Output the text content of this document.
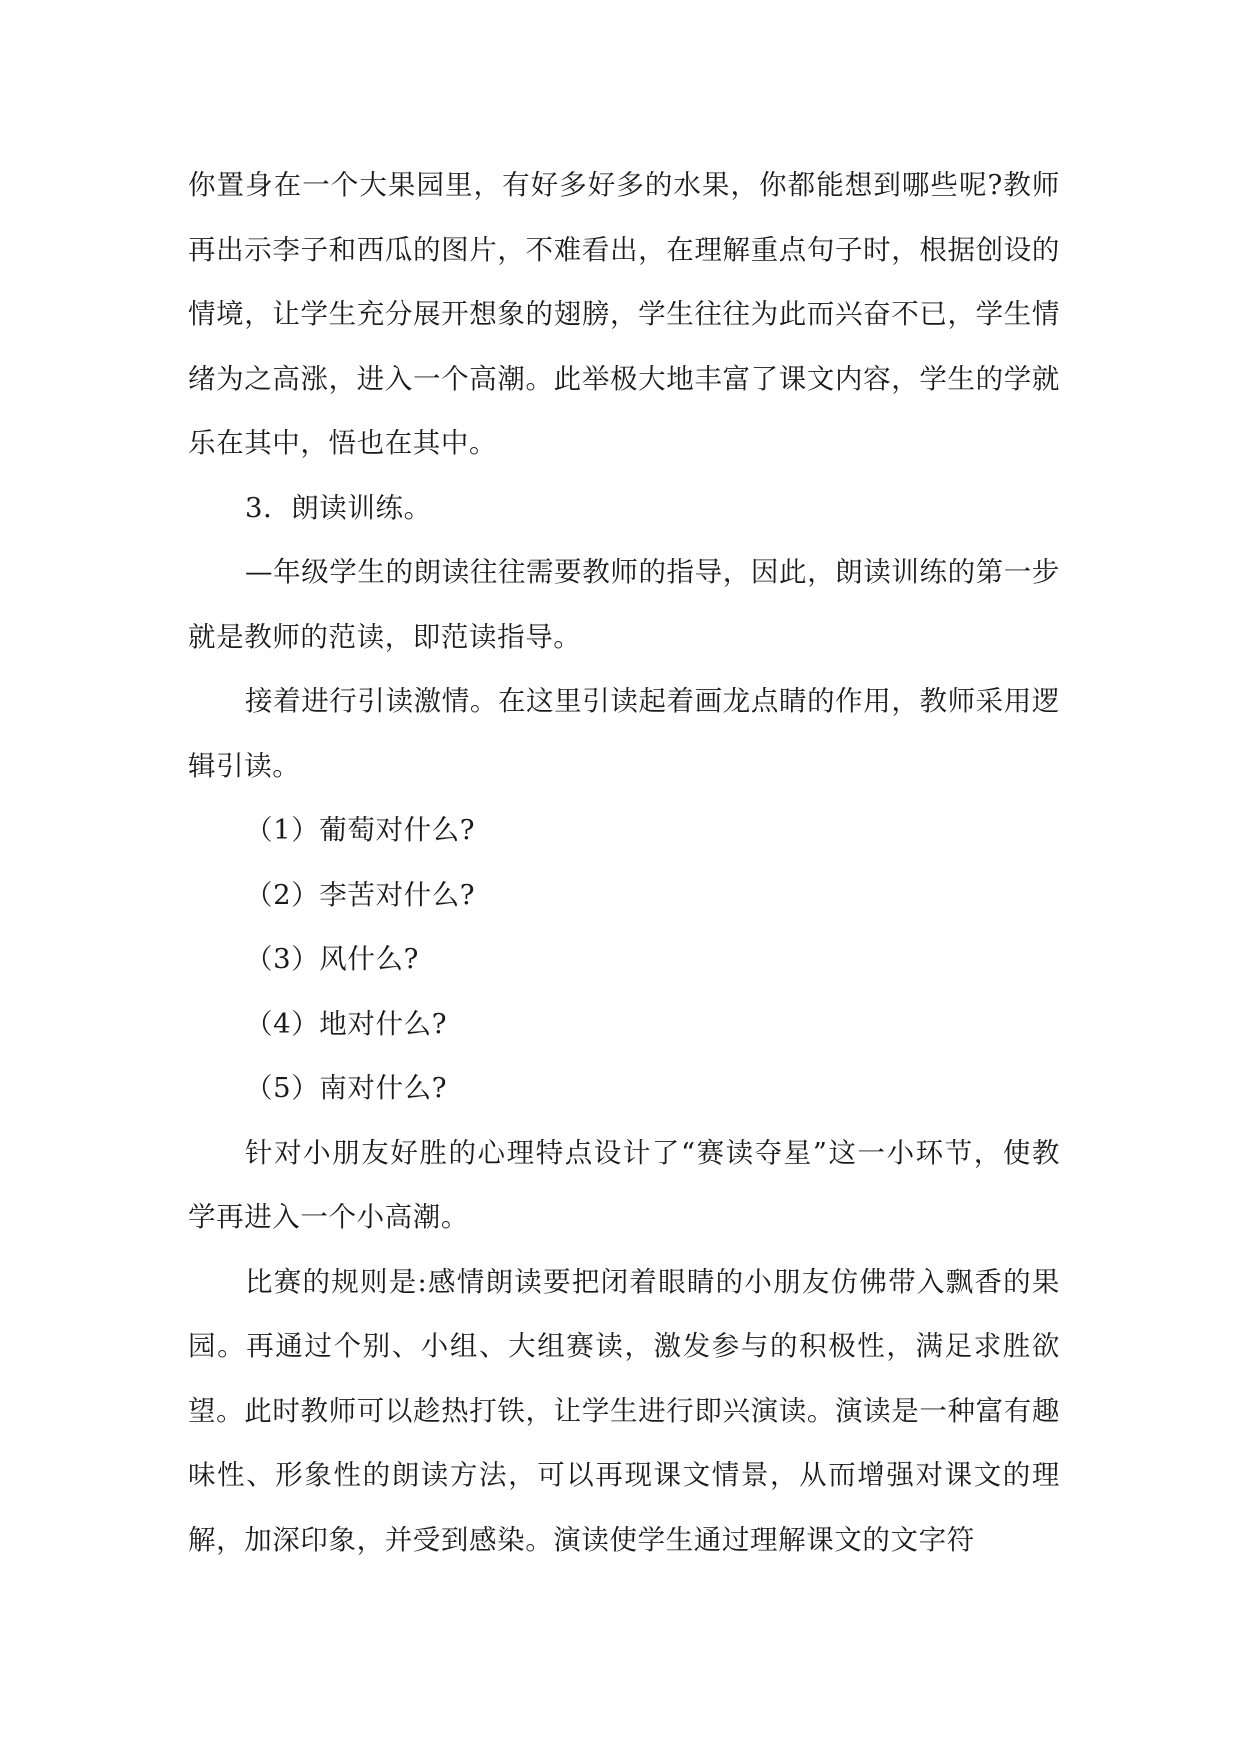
你置身在一个大果园里，有好多好多的水果，你都能想到哪些呢?教师再出示李子和西瓜的图片，不难看出，在理解重点句子时，根据创设的情境，让学生充分展开想象的翅膀，学生往往为此而兴奋不已，学生情绪为之高涨，进入一个高潮。此举极大地丰富了课文内容，学生的学就乐在其中，悟也在其中。

3．朗读训练。

—年级学生的朗读往往需要教师的指导，因此，朗读训练的第一步就是教师的范读，即范读指导。

接着进行引读激情。在这里引读起着画龙点睛的作用，教师采用逻辑引读。

（1）葡萄对什么?

（2）李苦对什么?

（3）风什么?

（4）地对什么?

（5）南对什么?

针对小朋友好胜的心理特点设计了“赛读夺星”这一小环节，使教学再进入一个小高潮。

比赛的规则是:感情朗读要把闭着眼睛的小朋友仿佛带入飘香的果园。再通过个别、小组、大组赛读，激发参与的积极性，满足求胜欲望。此时教师可以趁热打铁，让学生进行即兴演读。演读是一种富有趣味性、形象性的朗读方法，可以再现课文情景，从而增强对课文的理解，加深印象，并受到感染。演读使学生通过理解课文的文字符
